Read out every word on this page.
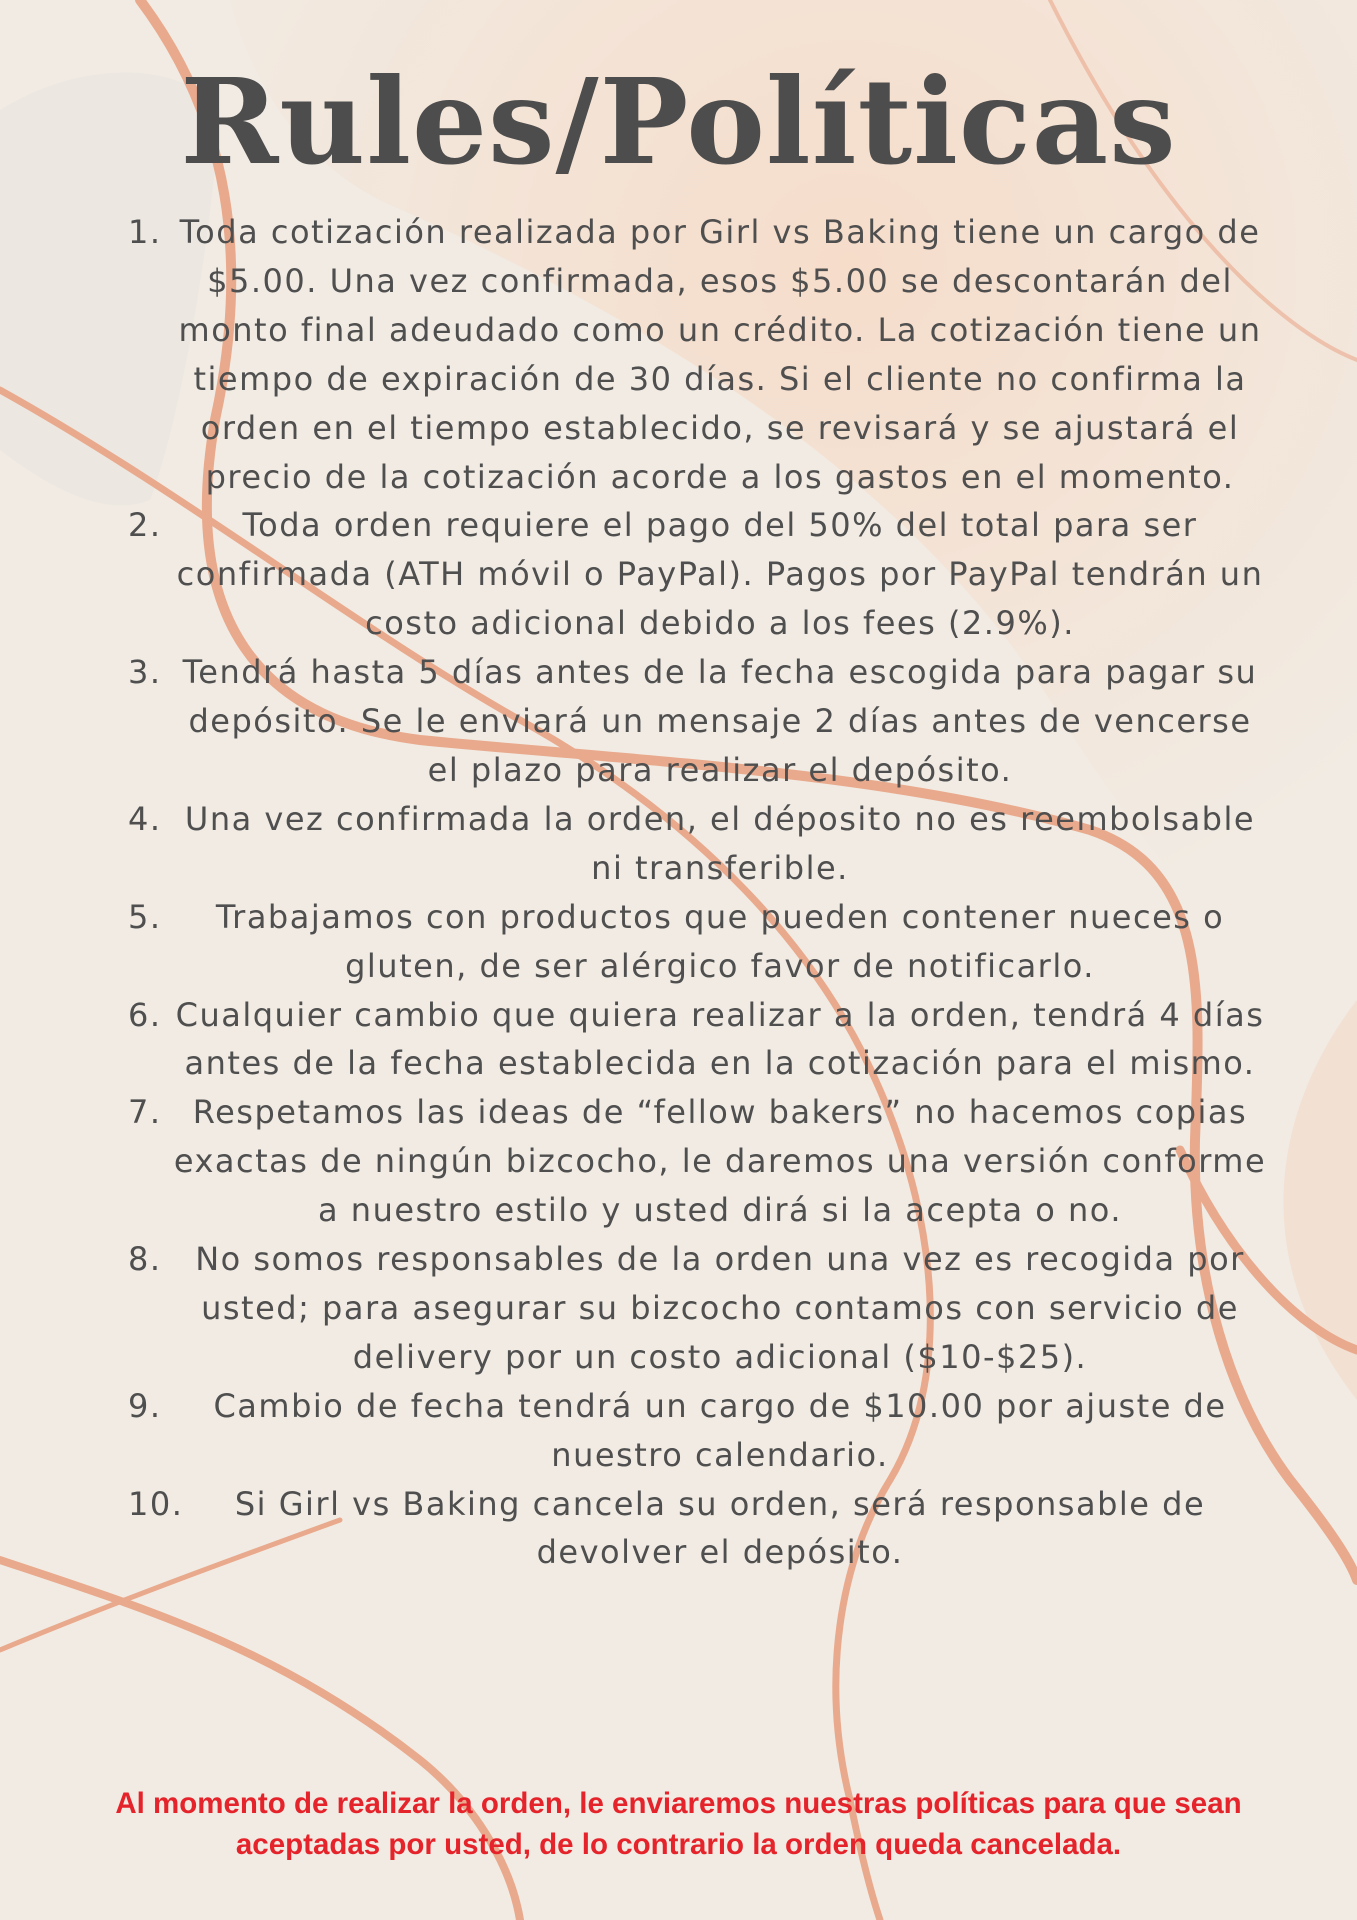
Rules/Políticas
1. Toda cotización realizada por Girl vs Baking tiene un cargo de $5.00. Una vez confirmada, esos $5.00 se descontarán del monto final adeudado como un crédito. La cotización tiene un tiempo de expiración de 30 días. Si el cliente no confirma la orden en el tiempo establecido, se revisará y se ajustará el precio de la cotización acorde a los gastos en el momento.
2.	Toda orden requiere el pago del 50% del total para ser confirmada (ATH móvil o PayPal). Pagos por PayPal tendrán un costo adicional debido a los fees (2.9%).
3. Tendrá hasta 5 días antes de la fecha escogida para pagar su depósito. Se le enviará un mensaje 2 días antes de vencerse el plazo para realizar el depósito.
4. Una vez confirmada la orden, el déposito no es reembolsable ni transferible.
5.	Trabajamos con productos que pueden contener nueces o gluten, de ser alérgico favor de notificarlo.
6. Cualquier cambio que quiera realizar a la orden, tendrá 4 días antes de la fecha establecida en la cotización para el mismo.
7. Respetamos las ideas de “fellow bakers” no hacemos copias exactas de ningún bizcocho, le daremos una versión conforme a nuestro estilo y usted dirá si la acepta o no.
8.	No somos responsables de la orden una vez es recogida por usted; para asegurar su bizcocho contamos con servicio de delivery por un costo adicional ($10-$25).
9.	Cambio de fecha tendrá un cargo de $10.00 por ajuste de nuestro calendario.
10.	Si Girl vs Baking cancela su orden, será responsable de devolver el depósito.

Al momento de realizar la orden, le enviaremos nuestras políticas para que sean aceptadas por usted, de lo contrario la orden queda cancelada.
